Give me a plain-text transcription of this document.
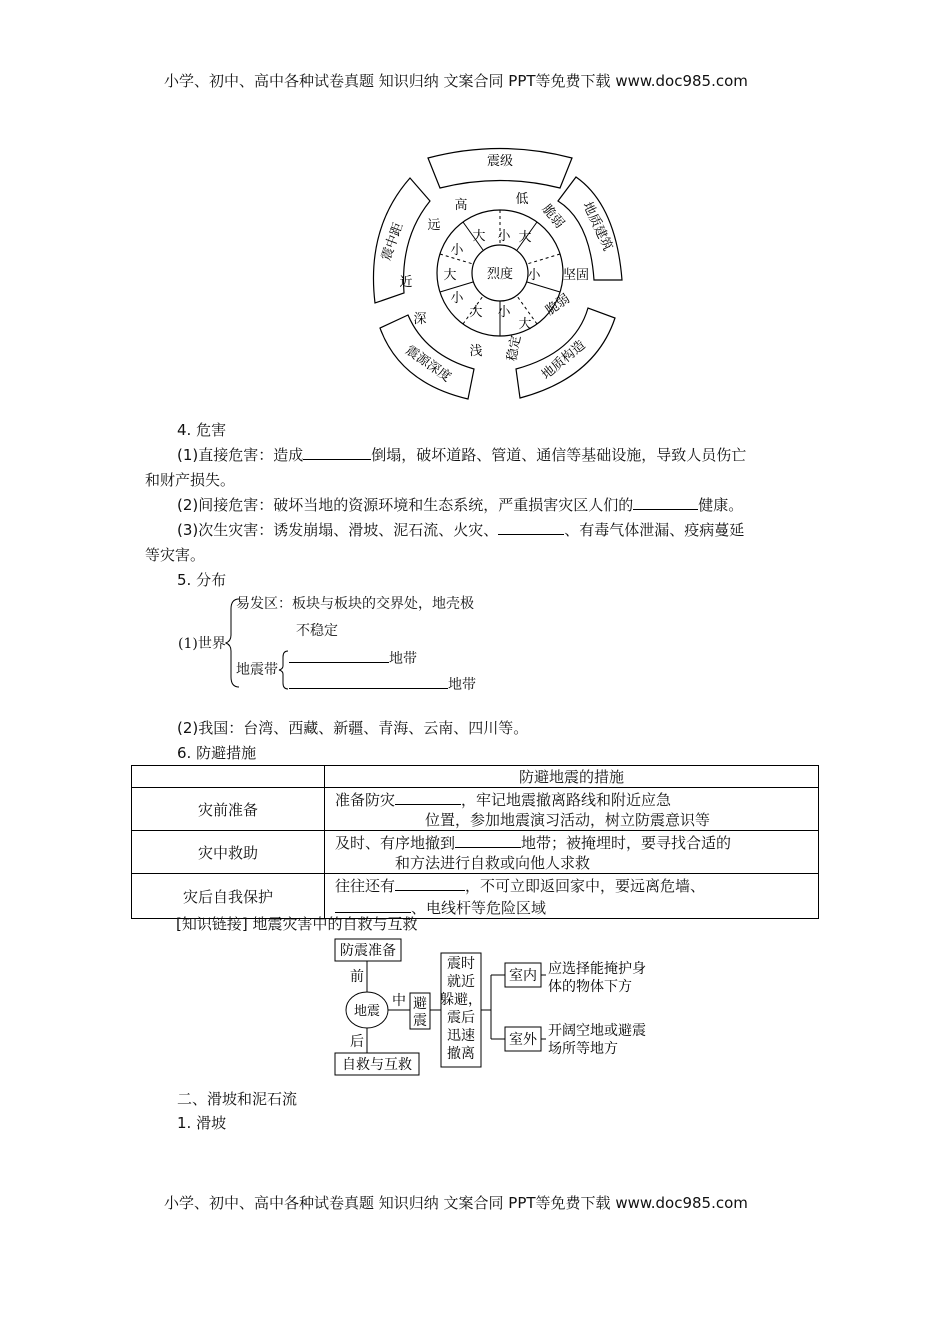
小学、初中、高中各种试卷真题 知识归纳 文案合同 PPT等免费下载 www.doc985.com
小学、初中、高中各种试卷真题 知识归纳 文案合同 PPT等免费下载 www.doc985.com
烈度
震级
地质建筑
地质构造
震源深度
震中距
高	低
脆弱
坚固
脆弱
稳定
浅
深
近
远
大
小
大
小
大
小
大 小
大
小
4. 危害
(1)直接危害：造成	倒塌，破坏道路、管道、通信等基础设施，导致人员伤亡
和财产损失。
(2)间接危害：破坏当地的资源环境和生态系统，严重损害灾区人们的	健康。
(3)次生灾害：诱发崩塌、滑坡、泥石流、火灾、	、有毒气体泄漏、疫病蔓延
等灾害。
5. 分布
(1)世界
易发区：板块与板块的交界处，地壳极
不稳定
地震带
地带
地带
(2)我国：台湾、西藏、新疆、青海、云南、四川等。
6. 防避措施
	防避地震的措施
灾前准备	准备防灾 ，牢记地震撤离路线和附近应急
位置，参加地震演习活动，树立防震意识等

灾中救助	及时、有序地撤到 地带；被掩埋时，要寻找合适的
和方法进行自救或向他人求救

灾后自我保护	往往还有 ，不可立即返回家中，要远离危墙、
、电线杆等危险区域
[知识链接] 地震灾害中的自救与互救
防震准备
前
地震
中
后
自救与互救
避震
震时就近躲避，震后迅速撤离
室内
室外
应选择能掩护身体的物体下方
开阔空地或避震场所等地方
二、滑坡和泥石流
1. 滑坡
